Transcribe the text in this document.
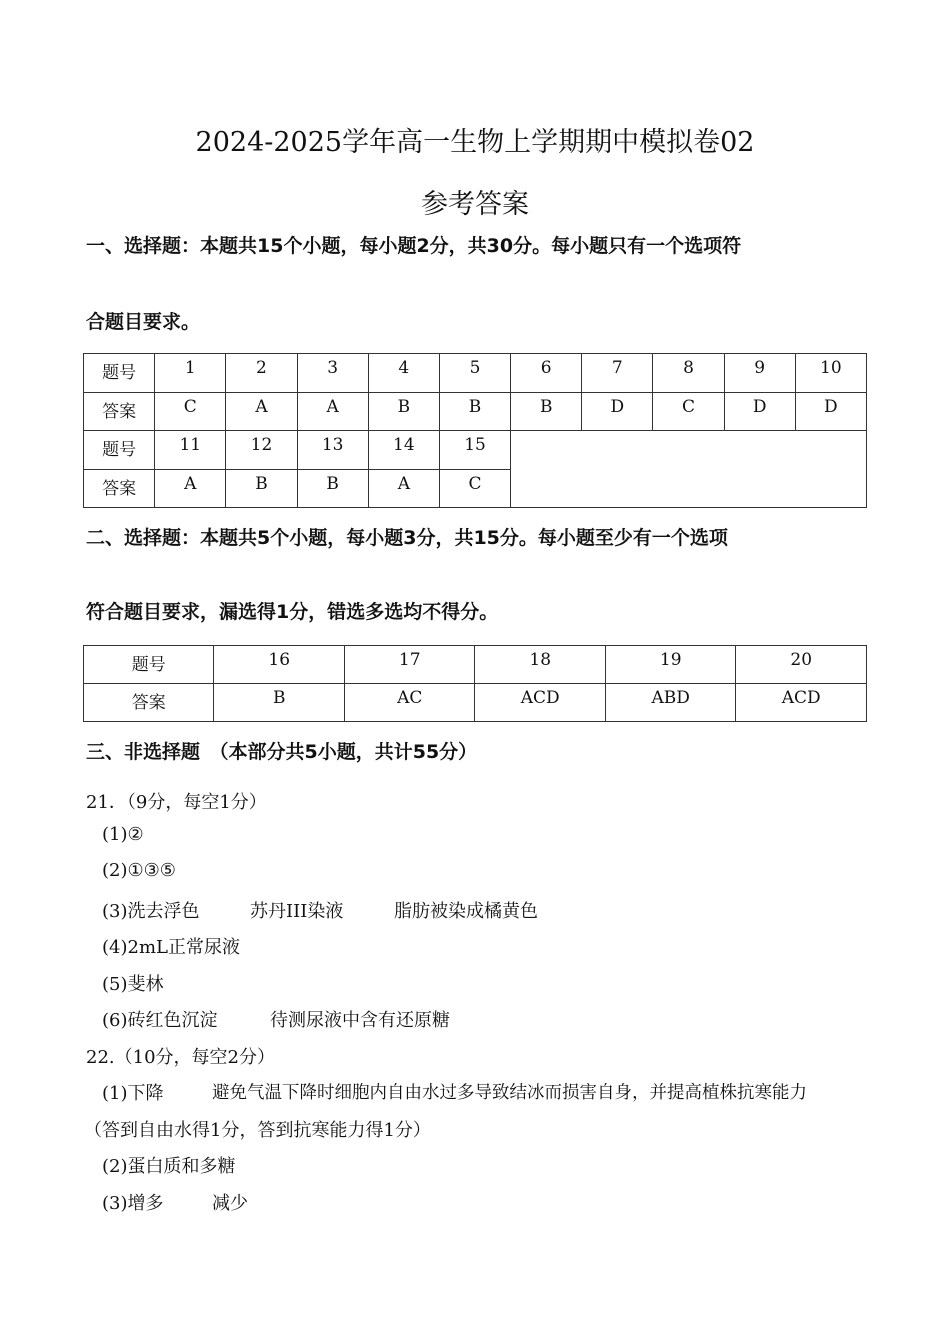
2024-2025学年高一生物上学期期中模拟卷02
参考答案
一、选择题：本题共15个小题，每小题2分，共30分。每小题只有一个选项符
合题目要求。
题号	1	2	3	4	5	6	7	8	9	10
答案	C	A	A	B	B	B	D	C	D	D
题号	11	12	13	14	15					
答案	A	B	B	A	C					
二、选择题：本题共5个小题，每小题3分，共15分。每小题至少有一个选项
符合题目要求，漏选得1分，错选多选均不得分。
题号	16	17	18	19	20
答案	B	AC	ACD	ABD	ACD
三、非选择题　（本部分共5小题，共计55分）
21．（9分，每空1分）
(1)②
(2)①③⑤
(3)洗去浮色	苏丹III染液	脂肪被染成橘黄色
(4)2mL正常尿液
(5)斐林
(6)砖红色沉淀	待测尿液中含有还原糖
22.（10分，每空2分）
(1)下降	避免气温下降时细胞内自由水过多导致结冰而损害自身，并提高植株抗寒能力
（答到自由水得1分，答到抗寒能力得1分）
(2)蛋白质和多糖
(3)增多	减少
